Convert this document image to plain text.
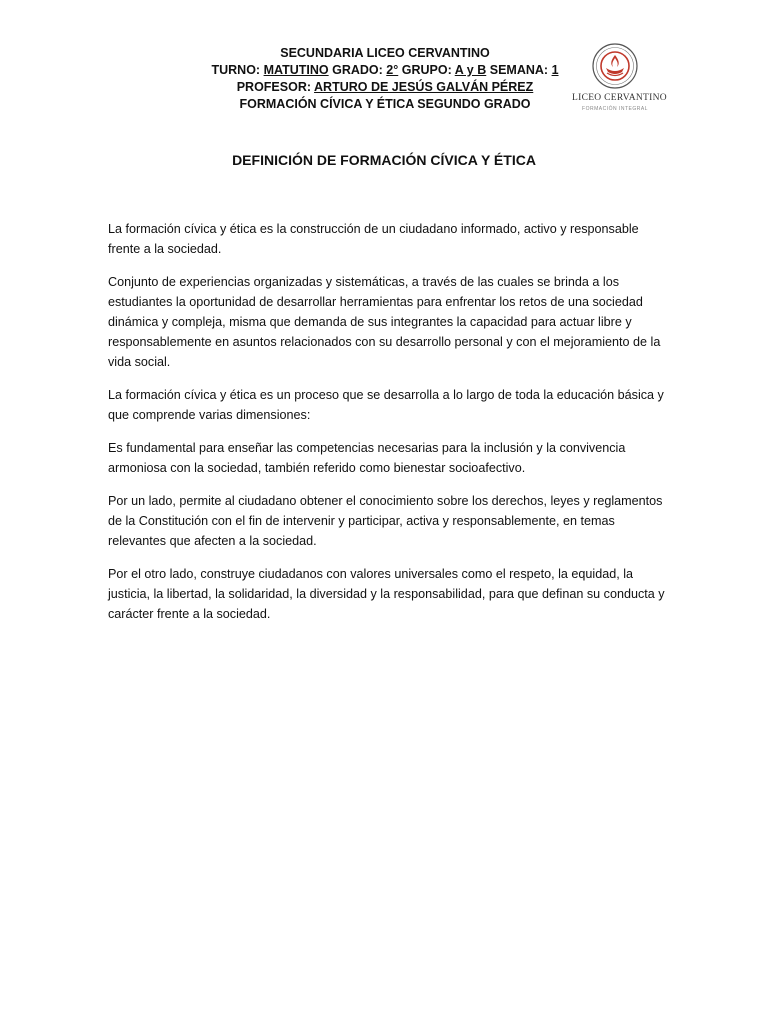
SECUNDARIA LICEO CERVANTINO
TURNO: MATUTINO GRADO: 2° GRUPO: A y B SEMANA: 1
PROFESOR: ARTURO DE JESÚS GALVÁN PÉREZ
FORMACIÓN CÍVICA Y ÉTICA SEGUNDO GRADO	LICEO CERVANTINO
FORMACIÓN INTEGRAL
DEFINICIÓN DE FORMACIÓN CÍVICA Y ÉTICA

La formación cívica y ética es la construcción de un ciudadano informado, activo y responsable frente a la sociedad.

Conjunto de experiencias organizadas y sistemáticas, a través de las cuales se brinda a los estudiantes la oportunidad de desarrollar herramientas para enfrentar los retos de una sociedad dinámica y compleja, misma que demanda de sus integrantes la capacidad para actuar libre y responsablemente en asuntos relacionados con su desarrollo personal y con el mejoramiento de la vida social.

La formación cívica y ética es un proceso que se desarrolla a lo largo de toda la educación básica y que comprende varias dimensiones:

Es fundamental para enseñar las competencias necesarias para la inclusión y la convivencia armoniosa con la sociedad, también referido como bienestar socioafectivo.

Por un lado, permite al ciudadano obtener el conocimiento sobre los derechos, leyes y reglamentos de la Constitución con el fin de intervenir y participar, activa y responsablemente, en temas relevantes que afecten a la sociedad.

Por el otro lado, construye ciudadanos con valores universales como el respeto, la equidad, la justicia, la libertad, la solidaridad, la diversidad y la responsabilidad, para que definan su conducta y carácter frente a la sociedad.
